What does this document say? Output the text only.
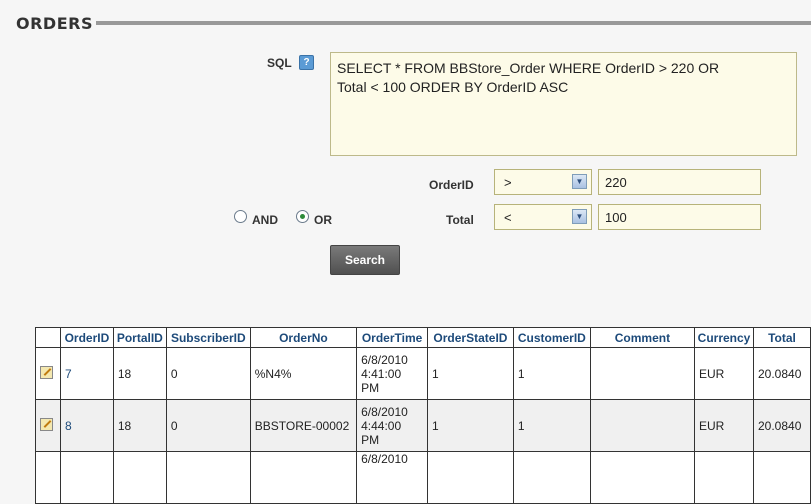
ORDERS
SQL	?	SELECT * FROM BBStore_Order WHERE OrderID > 220 OR
Total < 100 ORDER BY OrderID ASC
OrderID >	▼	220
AND	OR	Total <	▼	100
Search
	OrderID	PortalID	SubscriberID	OrderNo	OrderTime	OrderStateID	CustomerID	Comment	Currency	Total
	7	18	0	%N4%	6/8/2010
4:41:00
PM	1	1		EUR	20.0840
	8	18	0	BBSTORE-00002	6/8/2010
4:44:00
PM	1	1		EUR	20.0840

					6/8/2010					
